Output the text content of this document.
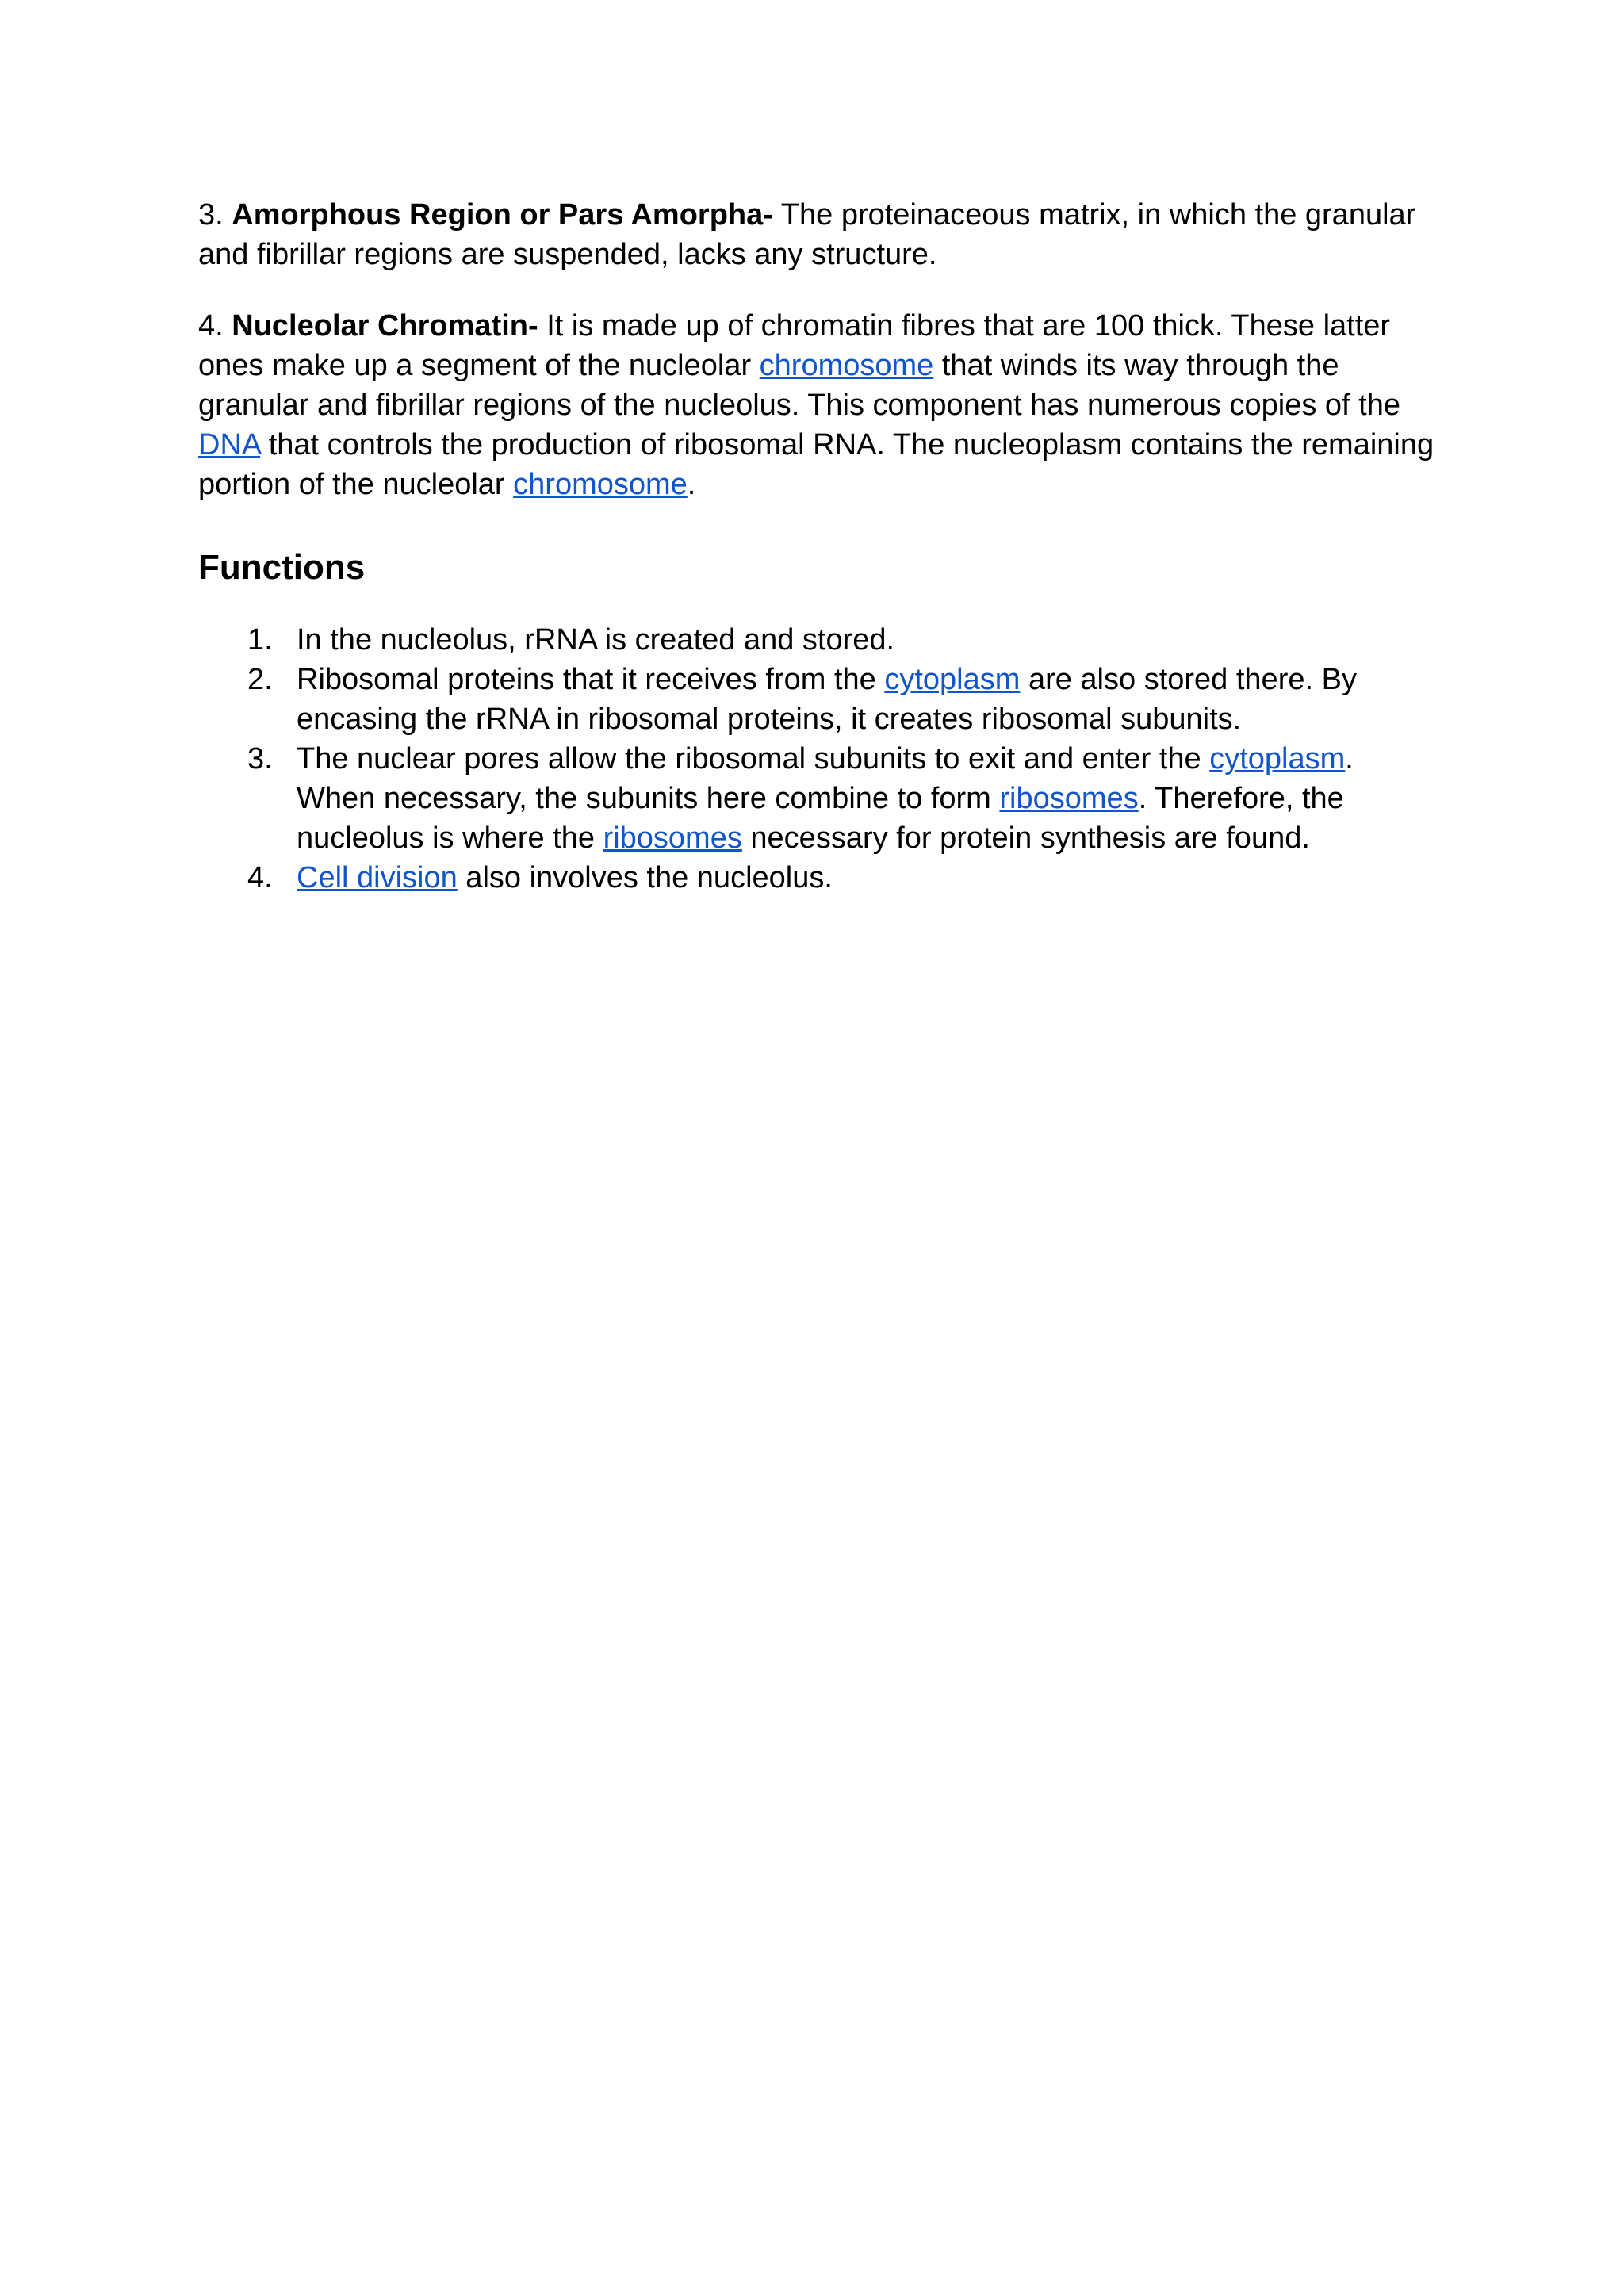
3. Amorphous Region or Pars Amorpha- The proteinaceous matrix, in which the granular and fibrillar regions are suspended, lacks any structure.

4. Nucleolar Chromatin- It is made up of chromatin fibres that are 100 thick. These latter ones make up a segment of the nucleolar chromosome that winds its way through the granular and fibrillar regions of the nucleolus. This component has numerous copies of the DNA that controls the production of ribosomal RNA. The nucleoplasm contains the remaining portion of the nucleolar chromosome.

Functions
1. In the nucleolus, rRNA is created and stored.
2. Ribosomal proteins that it receives from the cytoplasm are also stored there. By encasing the rRNA in ribosomal proteins, it creates ribosomal subunits.
3. The nuclear pores allow the ribosomal subunits to exit and enter the cytoplasm. When necessary, the subunits here combine to form ribosomes. Therefore, the nucleolus is where the ribosomes necessary for protein synthesis are found.
4. Cell division also involves the nucleolus.
